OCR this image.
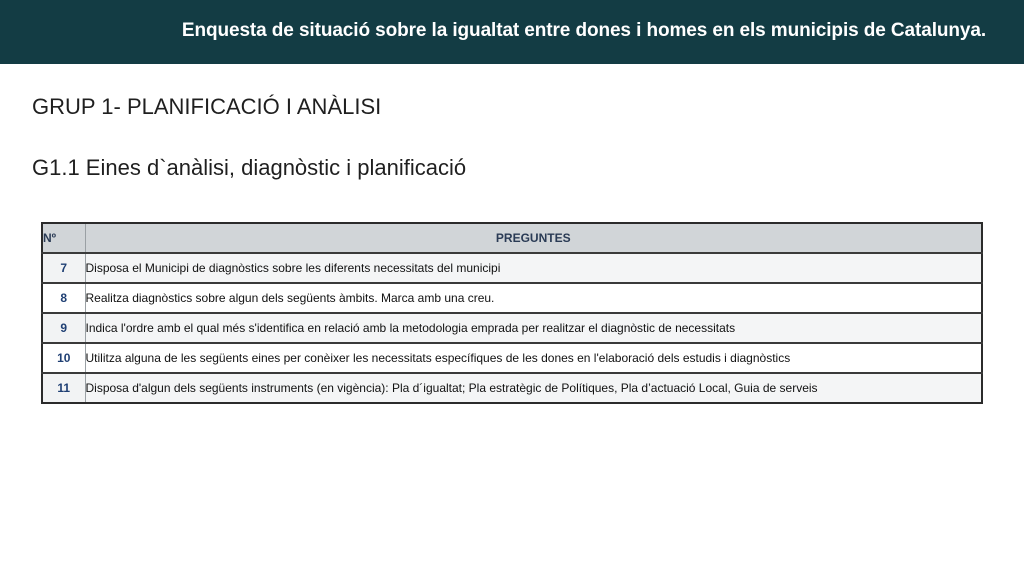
Enquesta de situació sobre la igualtat entre dones i homes en els municipis de Catalunya.
GRUP 1- PLANIFICACIÓ I ANÀLISI
G1.1 Eines d`anàlisi, diagnòstic i planificació
Nº	PREGUNTES
7	Disposa el Municipi de diagnòstics sobre les diferents necessitats del municipi
8	Realitza diagnòstics sobre algun dels següents àmbits. Marca amb una creu.
9	Indica l'ordre amb el qual més s'identifica en relació amb la metodologia emprada per realitzar el diagnòstic de necessitats
10	Utilitza alguna de les següents eines per conèixer les necessitats específiques de les dones en l'elaboració dels estudis i diagnòstics
11	Disposa d'algun dels següents instruments (en vigència): Pla d´igualtat; Pla estratègic de Polítiques, Pla d’actuació Local, Guia de serveis
